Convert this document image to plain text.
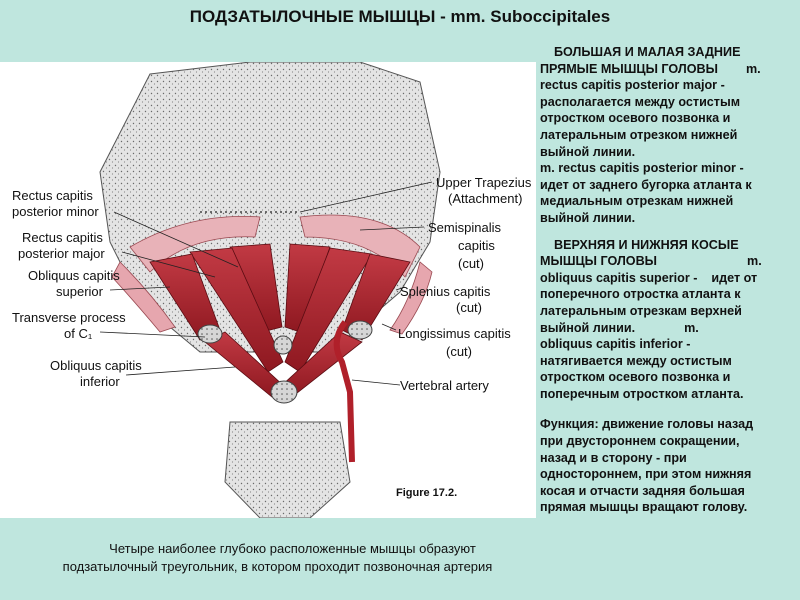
ПОДЗАТЫЛОЧНЫЕ МЫШЦЫ - mm. Suboccipitales
Rectus capitis
posterior minor
Rectus capitis
posterior major
Obliquus capitis
superior
Transverse process
of C₁
Obliquus capitis
inferior
Upper Trapezius
(Attachment)
Semispinalis
capitis
(cut)
Splenius capitis
(cut)
Longissimus capitis
(cut)
Vertebral artery
Figure 17.2.

БОЛЬШАЯ И МАЛАЯ ЗАДНИЕ

ПРЯМЫЕ МЫШЦЫ ГОЛОВЫ m.

rectus capitis posterior major -

располагается между остистым

отростком осевого позвонка и

латеральным отрезком нижней

выйной линии.

m. rectus capitis posterior minor -

идет от заднего бугорка атланта к

медиальным отрезкам нижней

выйной линии.

ВЕРХНЯЯ И НИЖНЯЯ КОСЫЕ

МЫШЦЫ ГОЛОВЫ	m.

obliquus capitis superior -    идет от

поперечного отростка атланта к

латеральным отрезкам верхней

выйной линии.              m.

obliquus capitis inferior -

натягивается между остистым

отростком осевого позвонка и

поперечным отростком атланта.

Функция: движение головы назад

при двустороннем сокращении,

назад и в сторону - при

одностороннем, при этом нижняя

косая и отчасти задняя большая

прямая мышцы вращают голову.

Четыре наиболее глубоко расположенные мышцы образуют
подзатылочный треугольник, в котором проходит позвоночная артерия
